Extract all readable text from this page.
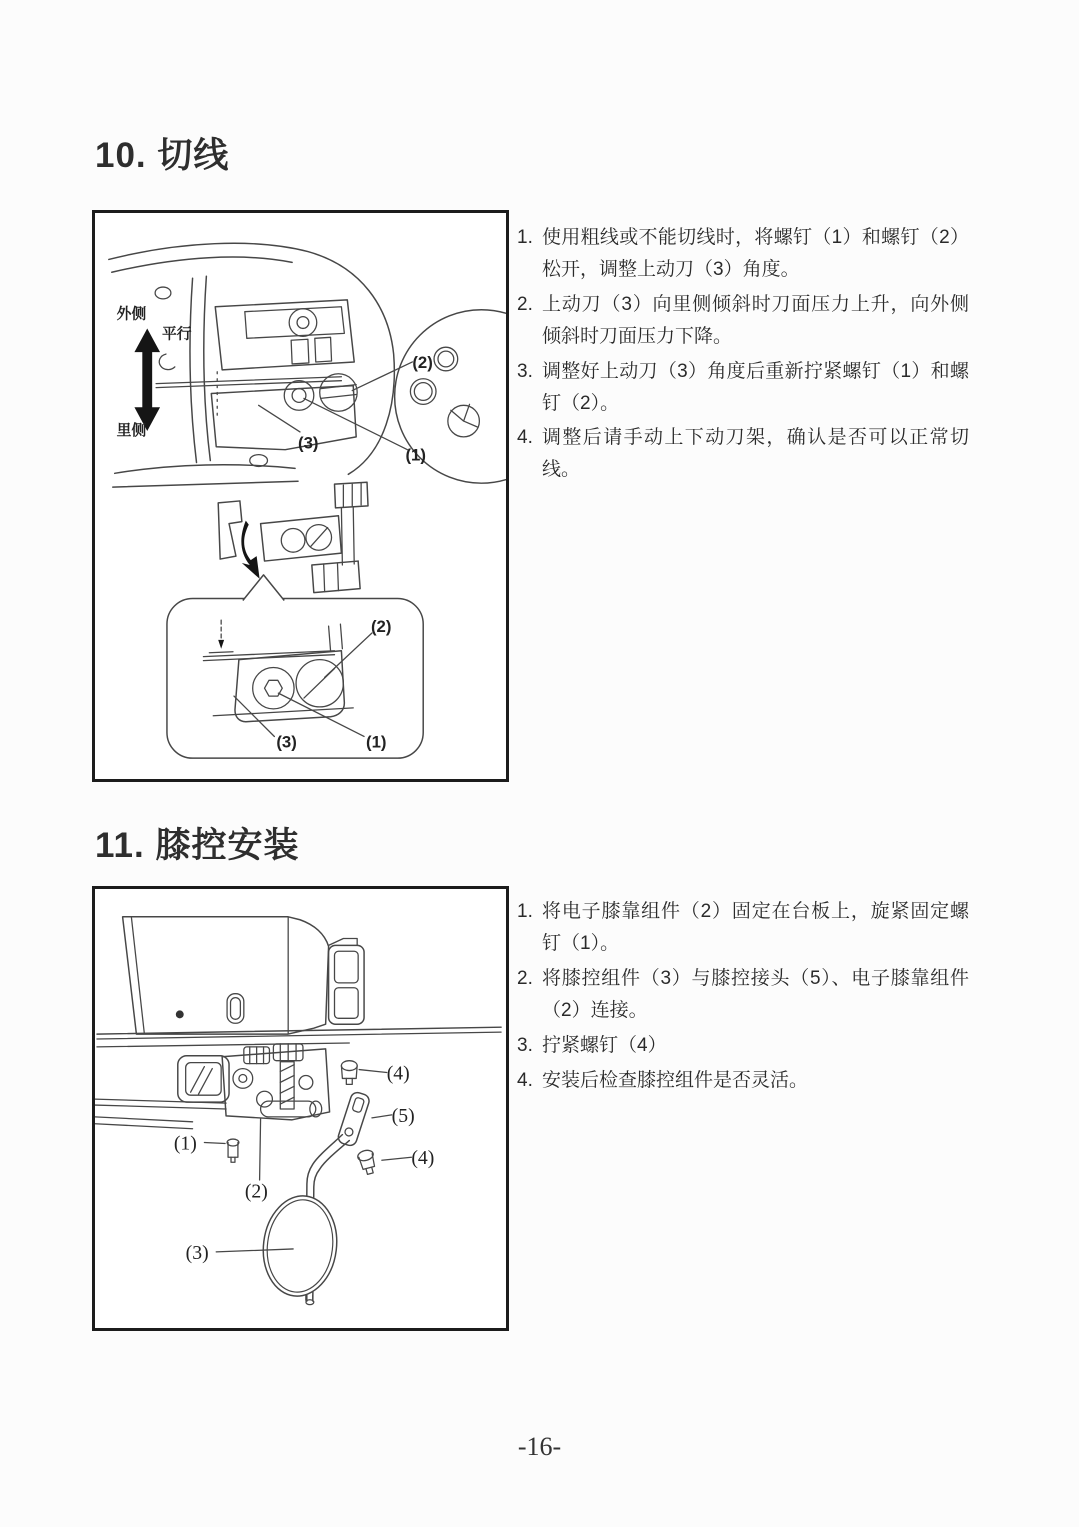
10. 切线
外侧
平行
里侧
(2)
(3)
(1)
(2)
(3)	(1)
1. 使用粗线或不能切线时，将螺钉（1）和螺钉（2）松开，调整上动刀（3）角度。
2. 上动刀（3）向里侧倾斜时刀面压力上升，向外侧倾斜时刀面压力下降。
3. 调整好上动刀（3）角度后重新拧紧螺钉（1）和螺钉（2）。
4. 调整后请手动上下动刀架，确认是否可以正常切线。
11. 膝控安装
(4)
(5)
(1)
(4)
(2)
(3)
1. 将电子膝靠组件（2）固定在台板上，旋紧固定螺钉（1）。
2. 将膝控组件（3）与膝控接头（5）、电子膝靠组件（2）连接。
3. 拧紧螺钉（4）
4. 安装后检查膝控组件是否灵活。
-16-
